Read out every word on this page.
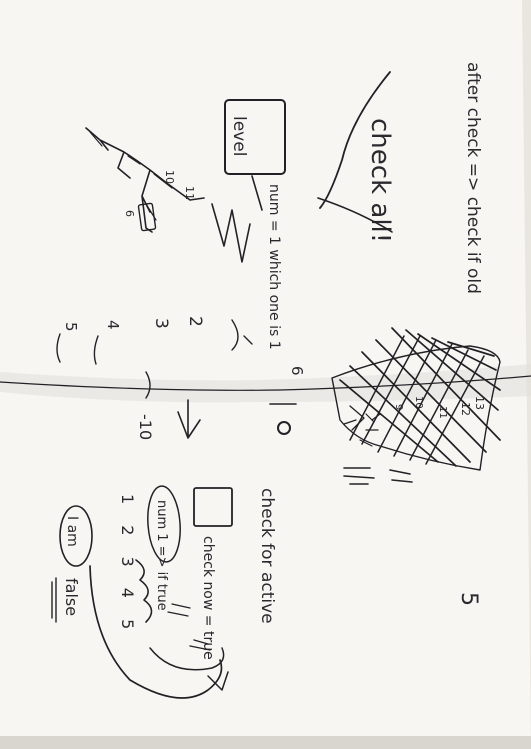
after check => check if old
check all!
level
num = 1 which one is 1
2
3
4
5
10
11
6
6
-10
13
12
10
11
9
check for active
check now = true
num 1 => if true
1 2 3 4 5
I am
false	5
